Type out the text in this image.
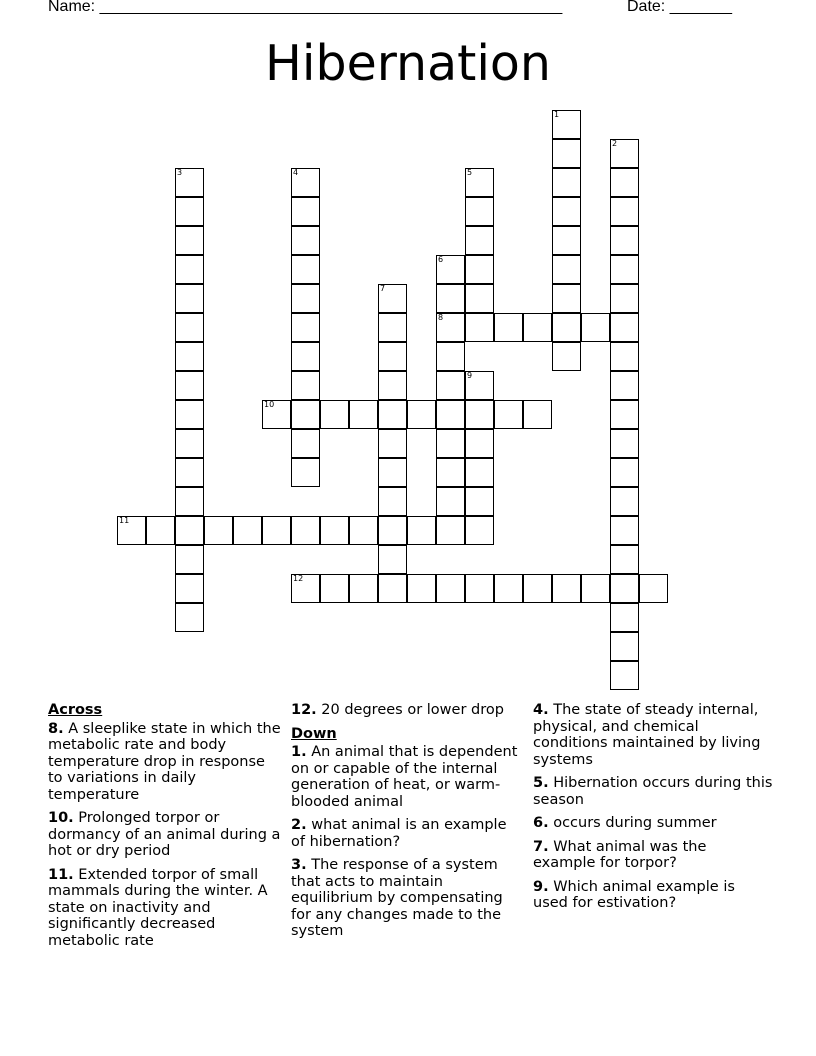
Name: ____________________________________________________	Date: _______
Hibernation
1
2
3	4	5
6
8
7
9
10
11
12
Across
8. A sleeplike state in which the metabolic rate and body temperature drop in response to variations in daily temperature
10. Prolonged torpor or dormancy of an animal during a hot or dry period
11. Extended torpor of small mammals during the winter. A state on inactivity and significantly decreased metabolic rate
12. 20 degrees or lower drop
Down
1. An animal that is dependent on or capable of the internal generation of heat, or warm-blooded animal
2. what animal is an example of hibernation?
3. The response of a system that acts to maintain equilibrium by compensating for any changes made to the system
4. The state of steady internal, physical, and chemical conditions maintained by living systems
5. Hibernation occurs during this season
6. occurs during summer
7. What animal was the example for torpor?
9. Which animal example is used for estivation?
